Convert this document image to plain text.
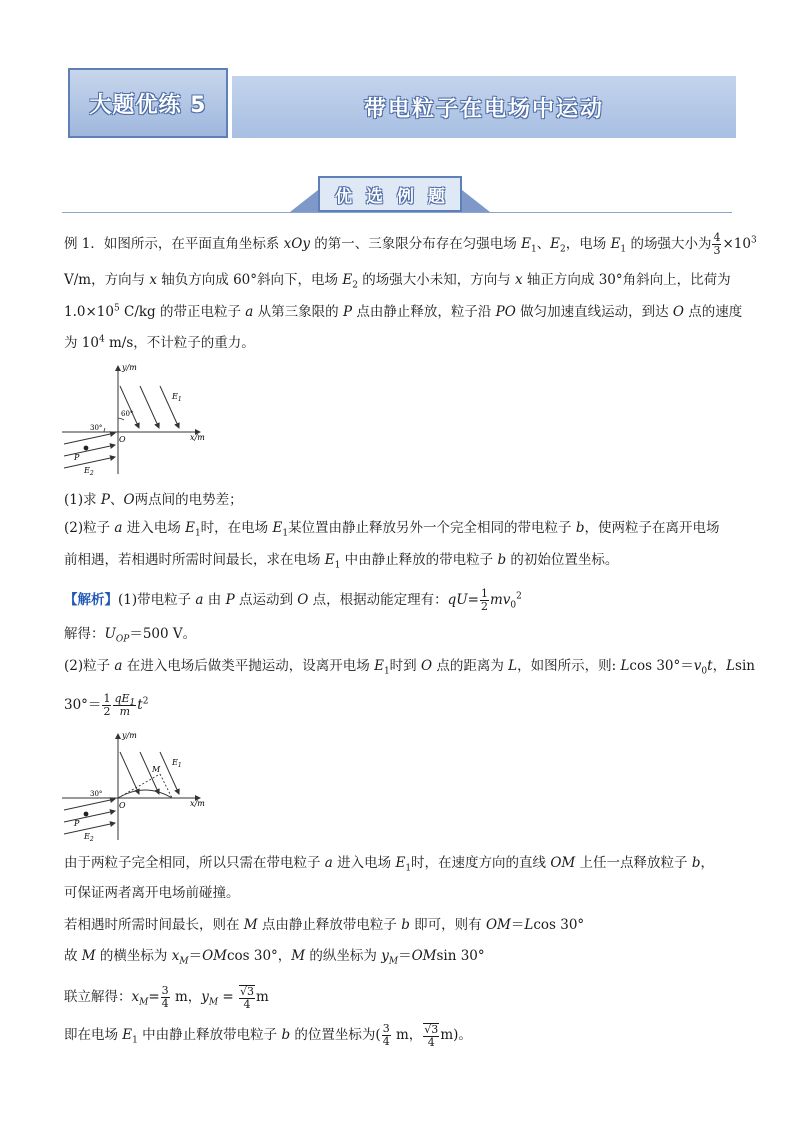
大题优练 5	带电粒子在电场中运动
优 选 例 题
例 1．如图所示，在平面直角坐标系 xOy 的第一、三象限分布存在匀强电场 $E_1$、$E_2$，电场 $E_1$ 的场强大小为 $\frac{4}{3} \times 10^3$
V/m，方向与 x 轴负方向成 60°斜向下，电场 $E_2$ 的场强大小未知，方向与 x 轴正方向成 30°角斜向上，比荷为
$1.0\times 10^5$ C/kg 的带正电粒子 a 从第三象限的 P 点由静止释放，粒子沿 PO 做匀加速直线运动，到达 O 点的速度
为 $10^4$ m/s，不计粒子的重力。
y/m
x/m
$E_1$
$E_2$
60°
30°
O
P
(1)求 P、O两点间的电势差；
(2)粒子 a 进入电场 $E_1$时，在电场 $E_1$某位置由静止释放另外一个完全相同的带电粒子 b，使两粒子在离开电场
前相遇，若相遇时所需时间最长，求在电场 $E_1$ 中由静止释放的带电粒子 b 的初始位置坐标。
【解析】(1)带电粒子 a 由 P 点运动到 O 点，根据动能定理有：$qU= \frac{1}{2} mv_0^2$
解得：$U_{OP}=500$ V。
(2)粒子 a 在进入电场后做类平抛运动，设离开电场 $E_1$时到 O 点的距离为 L，如图所示，则: Lcos $30^\circ=v_0t$，Lsin
$30^\circ= \frac{1}{2} \frac{qE_1}{m} t^2$
y/m
x/m
$E_1$
$E_2$
M
30°
O
P
由于两粒子完全相同，所以只需在带电粒子 a 进入电场 $E_1$时，在速度方向的直线 OM 上任一点释放粒子 b，
可保证两者离开电场前碰撞。
若相遇时所需时间最长，则在 M 点由静止释放带电粒子 b 即可，则有 OM＝Lcos 30°
故 M 的横坐标为 $x_M=OMcos$ 30°，M 的纵坐标为 $y_M=OMsin$ 30°
联立解得：$x_M= \frac{3}{4}$ m，$y_M = \frac{√3}{4}$ m
即在电场 $E_1$ 中由静止释放带电粒子 b 的位置坐标为( $\frac{3}{4}$ m， $\frac{√3}{4} m$)。
